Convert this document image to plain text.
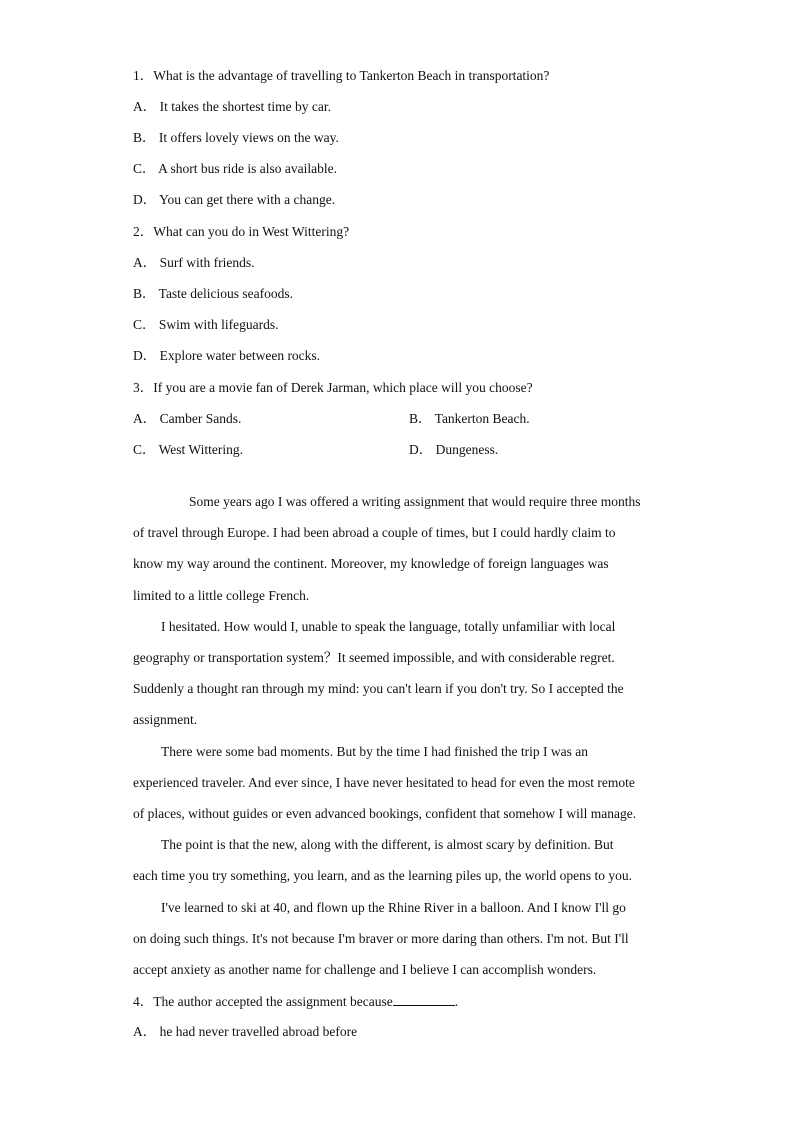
1．What is the advantage of travelling to Tankerton Beach in transportation?
A． It takes the shortest time by car.
B． It offers lovely views on the way.
C． A short bus ride is also available.
D． You can get there with a change.
2．What can you do in West Wittering?
A． Surf with friends.
B． Taste delicious seafoods.
C． Swim with lifeguards.
D． Explore water between rocks.
3．If you are a movie fan of Derek Jarman, which place will you choose?
A． Camber Sands.	B． Tankerton Beach.
C． West Wittering.	D． Dungeness.
Some years ago I was offered a writing assignment that would require three months
of travel through Europe. I had been abroad a couple of times, but I could hardly claim to
know my way around the continent. Moreover, my knowledge of foreign languages was
limited to a little college French.
I hesitated. How would I, unable to speak the language, totally unfamiliar with local
geography or transportation system？It seemed impossible, and with considerable regret.
Suddenly a thought ran through my mind: you can't learn if you don't try. So I accepted the
assignment.
There were some bad moments. But by the time I had finished the trip I was an
experienced traveler. And ever since, I have never hesitated to head for even the most remote
of places, without guides or even advanced bookings, confident that somehow I will manage.
The point is that the new, along with the different, is almost scary by definition. But
each time you try something, you learn, and as the learning piles up, the world opens to you.
I've learned to ski at 40, and flown up the Rhine River in a balloon. And I know I'll go
on doing such things. It's not because I'm braver or more daring than others. I'm not. But I'll
accept anxiety as another name for challenge and I believe I can accomplish wonders.
4．The author accepted the assignment because	.
A． he had never travelled abroad before
